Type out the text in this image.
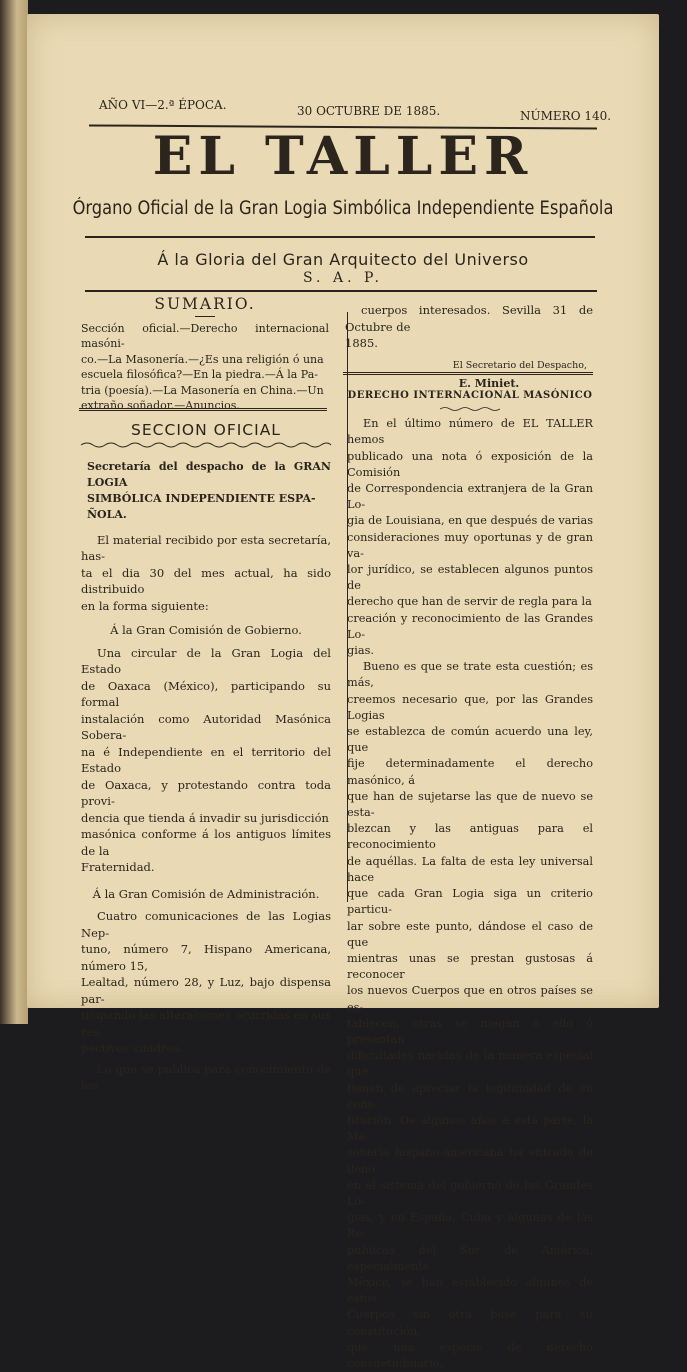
AÑO VI—2.ª ÉPOCA.	30 OCTUBRE DE 1885.	NÚMERO 140.
EL TALLER
Órgano Oficial de la Gran Logia Simbólica Independiente Española
Á la Gloria del Gran Arquitecto del Universo
S. A. P.
SUMARIO.
Sección oficial.—Derecho internacional masóni-
co.—La Masonería.—¿Es una religión ó una
escuela filosófica?—En la piedra.—Á la Pa-
tria (poesía).—La Masonería en China.—Un
extraño soñador.—Anuncios.
SECCION OFICIAL
Secretaría del despacho de la GRAN LOGIA
SIMBÓLICA INDEPENDIENTE ESPA-
ÑOLA.
El material recibido por esta secretaría, has-
ta el dia 30 del mes actual, ha sido distribuido
en la forma siguiente:
Á la Gran Comisión de Gobierno.
Una circular de la Gran Logia del Estado
de Oaxaca (México), participando su formal
instalación como Autoridad Masónica Sobera-
na é Independiente en el territorio del Estado
de Oaxaca, y protestando contra toda provi-
dencia que tienda á invadir su jurisdicción
masónica conforme á los antiguos límites de la
Fraternidad.
Á la Gran Comisión de Administración.
Cuatro comunicaciones de las Logias Nep-
tuno, número 7, Hispano Americana, número 15,
Lealtad, número 28, y Luz, bajo dispensa par-
ticipando las alteraciones ocurridas en sus res-
pectivos cuadros.
Lo que se publica para conocimiento de los
cuerpos interesados. Sevilla 31 de Octubre de
1885.
El Secretario del Despacho,
E. Miniet.
DERECHO INTERNACIONAL MASÓNICO
En el último número de EL TALLER hemos
publicado una nota ó exposición de la Comisión
de Correspondencia extranjera de la Gran Lo-
gia de Louisiana, en que después de varias
consideraciones muy oportunas y de gran va-
lor jurídico, se establecen algunos puntos de
derecho que han de servir de regla para la
creación y reconocimiento de las Grandes Lo-
gias.
Bueno es que se trate esta cuestión; es más,
creemos necesario que, por las Grandes Logias
se establezca de común acuerdo una ley, que
fije determinadamente el derecho masónico, á
que han de sujetarse las que de nuevo se esta-
blezcan y las antiguas para el reconocimiento
de aquéllas. La falta de esta ley universal hace
que cada Gran Logia siga un criterio particu-
lar sobre este punto, dándose el caso de que
mientras unas se prestan gustosas á reconocer
los nuevos Cuerpos que en otros países se es-
tablecen, otras se niegan á ello ó presentan
dificultades nacidas de la manera especial que
tienen de apreciar la legitimidad de su cons-
titución. De algunos años á esta parte, la Ma-
sonería hispano-americana ha entrado de lleno
en el sistema del gobierno de las Grandes Lo-
gias, y en España, Cuba y algunas de las Re-
públicas del Sur de América, especialmente
México, se han establecido algunos de estos
Cuerpos sin otra base para su constitución,
que una especie de derecho consuetudinario,
